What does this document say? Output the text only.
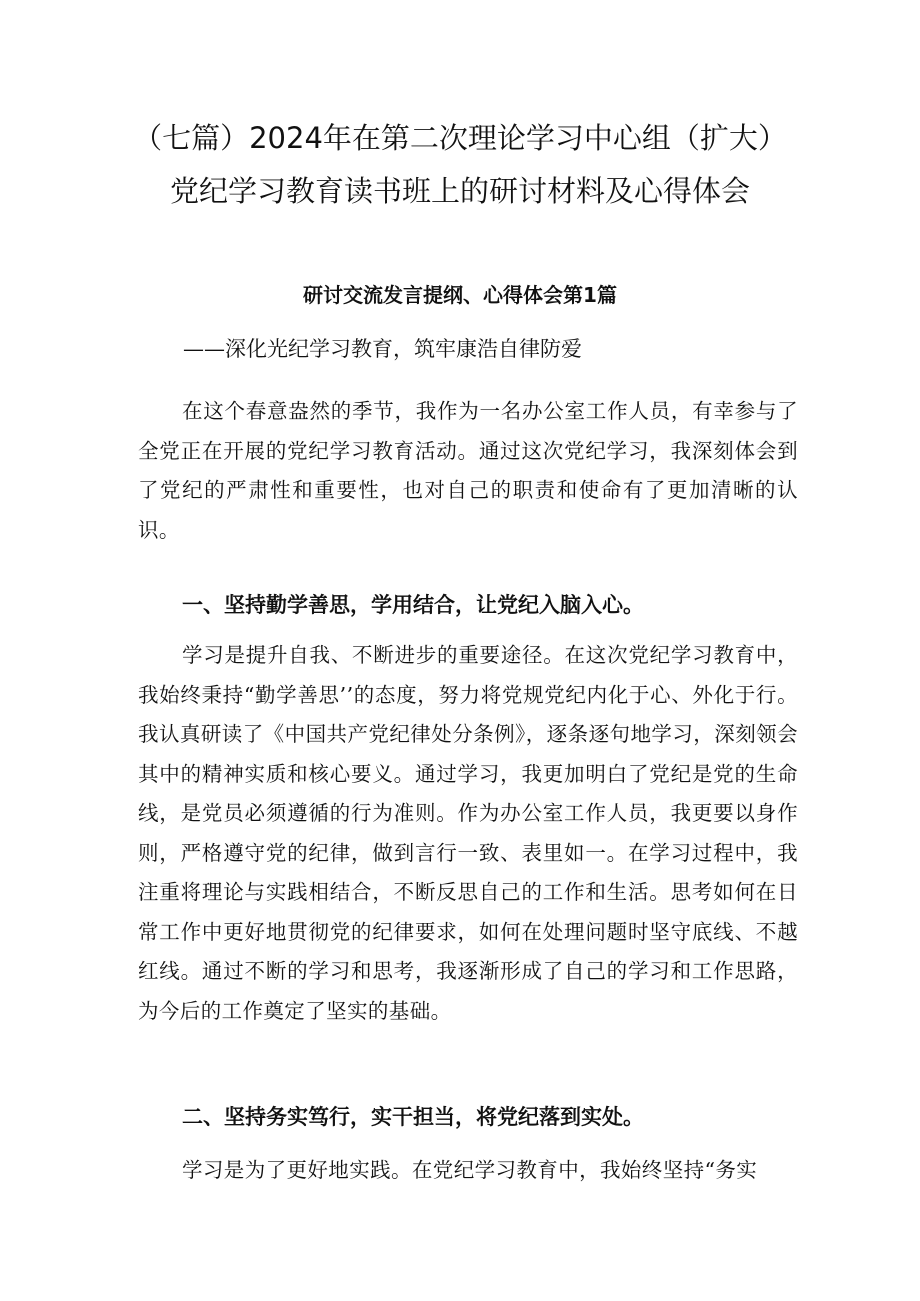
（七篇）2024年在第二次理论学习中心组（扩大）
党纪学习教育读书班上的研讨材料及心得体会
研讨交流发言提纲、心得体会第1篇

——深化光纪学习教育，筑牢康浩自律防爱

在这个春意盎然的季节，我作为一名办公室工作人员，有幸参与了全党正在开展的党纪学习教育活动。通过这次党纪学习，我深刻体会到了党纪的严肃性和重要性，也对自己的职责和使命有了更加清晰的认识。

一、坚持勤学善思，学用结合，让党纪入脑入心。

学习是提升自我、不断进步的重要途径。在这次党纪学习教育中，我始终秉持“勤学善思’’的态度，努力将党规党纪内化于心、外化于行。我认真研读了《中国共产党纪律处分条例》，逐条逐句地学习，深刻领会其中的精神实质和核心要义。通过学习，我更加明白了党纪是党的生命线，是党员必须遵循的行为准则。作为办公室工作人员，我更要以身作则，严格遵守党的纪律，做到言行一致、表里如一。在学习过程中，我注重将理论与实践相结合，不断反思自己的工作和生活。思考如何在日常工作中更好地贯彻党的纪律要求，如何在处理问题时坚守底线、不越红线。通过不断的学习和思考，我逐渐形成了自己的学习和工作思路，为今后的工作奠定了坚实的基础。

二、坚持务实笃行，实干担当，将党纪落到实处。

学习是为了更好地实践。在党纪学习教育中，我始终坚持“务实
